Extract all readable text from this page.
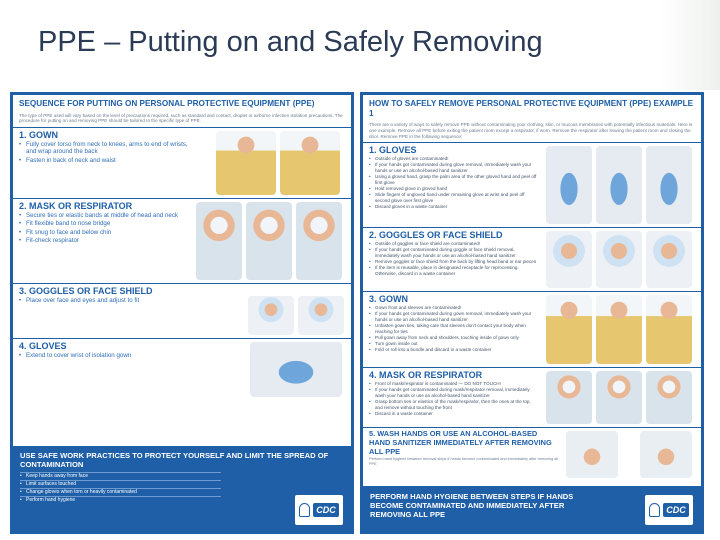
PPE – Putting on and Safely Removing
SEQUENCE FOR PUTTING ON PERSONAL PROTECTIVE EQUIPMENT (PPE)
The type of PPE used will vary based on the level of precautions required, such as standard and contact, droplet or airborne infection isolation precautions. The procedure for putting on and removing PPE should be tailored to the specific type of PPE.
1. GOWN
• Fully cover torso from neck to knees, arms to end of wrists, and wrap around the back
• Fasten in back of neck and waist
2. MASK OR RESPIRATOR
• Secure ties or elastic bands at middle of head and neck
• Fit flexible band to nose bridge
• Fit snug to face and below chin
• Fit-check respirator
3. GOGGLES OR FACE SHIELD
• Place over face and eyes and adjust to fit
4. GLOVES
• Extend to cover wrist of isolation gown
USE SAFE WORK PRACTICES TO PROTECT YOURSELF AND LIMIT THE SPREAD OF CONTAMINATION
• Keep hands away from face
• Limit surfaces touched
• Change gloves when torn or heavily contaminated
• Perform hand hygiene
CDC
HOW TO SAFELY REMOVE PERSONAL PROTECTIVE EQUIPMENT (PPE) EXAMPLE 1
There are a variety of ways to safely remove PPE without contaminating your clothing, skin, or mucous membranes with potentially infectious materials. Here is one example. Remove all PPE before exiting the patient room except a respirator, if worn. Remove the respirator after leaving the patient room and closing the door. Remove PPE in the following sequence:
1. GLOVES
• Outside of gloves are contaminated!
• If your hands get contaminated during glove removal, immediately wash your hands or use an alcohol-based hand sanitizer
• Using a gloved hand, grasp the palm area of the other gloved hand and peel off first glove
• Hold removed glove in gloved hand
• Slide fingers of ungloved hand under remaining glove at wrist and peel off second glove over first glove
• Discard gloves in a waste container
2. GOGGLES OR FACE SHIELD
• Outside of goggles or face shield are contaminated!
• If your hands get contaminated during goggle or face shield removal, immediately wash your hands or use an alcohol-based hand sanitizer
• Remove goggles or face shield from the back by lifting head band or ear pieces
• If the item is reusable, place in designated receptacle for reprocessing. Otherwise, discard in a waste container
3. GOWN
• Gown front and sleeves are contaminated!
• If your hands get contaminated during gown removal, immediately wash your hands or use an alcohol-based hand sanitizer
• Unfasten gown ties, taking care that sleeves don't contact your body when reaching for ties
• Pull gown away from neck and shoulders, touching inside of gown only
• Turn gown inside out
• Fold or roll into a bundle and discard in a waste container
4. MASK OR RESPIRATOR
• Front of mask/respirator is contaminated — DO NOT TOUCH!
• If your hands get contaminated during mask/respirator removal, immediately wash your hands or use an alcohol-based hand sanitizer
• Grasp bottom ties or elastics of the mask/respirator, then the ones at the top, and remove without touching the front
• Discard in a waste container
5. WASH HANDS OR USE AN ALCOHOL-BASED HAND SANITIZER IMMEDIATELY AFTER REMOVING ALL PPE
Perform hand hygiene between removal steps if hands become contaminated and immediately after removing all PPE
PERFORM HAND HYGIENE BETWEEN STEPS IF HANDS BECOME CONTAMINATED AND IMMEDIATELY AFTER REMOVING ALL PPE	CDC
